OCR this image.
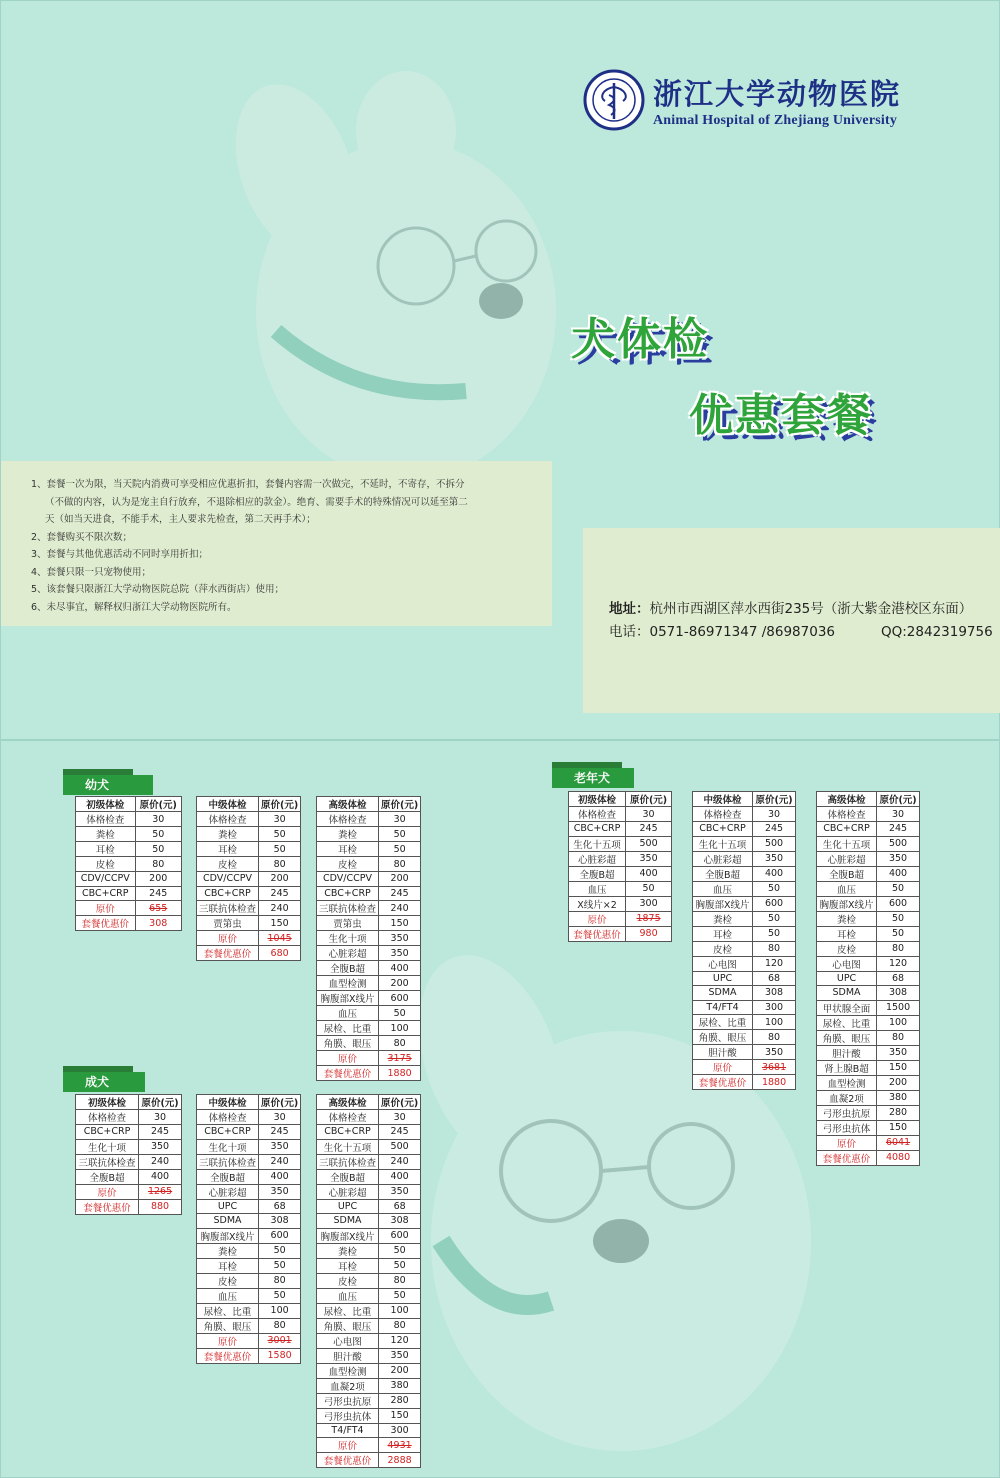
浙江大学动物医院
Animal Hospital of Zhejiang University
犬体检
优惠套餐
1、套餐一次为限，当天院内消费可享受相应优惠折扣，套餐内容需一次做完，不延时，不寄存，不拆分
（不做的内容，认为是宠主自行放弃，不退除相应的款金）。绝育、需要手术的特殊情况可以延至第二
天（如当天进食，不能手术，主人要求先检查，第二天再手术）；
2、套餐购买不限次数；
3、套餐与其他优惠活动不同时享用折扣；
4、套餐只限一只宠物使用；
5、该套餐只限浙江大学动物医院总院（萍水西街店）使用；
6、未尽事宜，解释权归浙江大学动物医院所有。	地址：杭州市西湖区萍水西街235号（浙大紫金港校区东面）
电话：0571-86971347 /86987036	QQ:2842319756
幼犬
成犬
老年犬
初级体检	原价(元)
体格检查	30
粪检	50
耳检	50
皮检	80
CDV/CCPV	200
CBC+CRP	245
原价	655
套餐优惠价	308
中级体检	原价(元)
体格检查	30
粪检	50
耳检	50
皮检	80
CDV/CCPV	200
CBC+CRP	245
三联抗体检查	240
贾第虫	150
原价	1045
套餐优惠价	680
高级体检	原价(元)
体格检查	30
粪检	50
耳检	50
皮检	80
CDV/CCPV	200
CBC+CRP	245
三联抗体检查	240
贾第虫	150
生化十项	350
心脏彩超	350
全腹B超	400
血型检测	200
胸腹部X线片	600
血压	50
尿检、比重	100
角膜、眼压	80
原价	3175
套餐优惠价	1880
初级体检	原价(元)
体格检查	30
CBC+CRP	245
生化十项	350
三联抗体检查	240
全腹B超	400
原价	1265
套餐优惠价	880
中级体检	原价(元)
体格检查	30
CBC+CRP	245
生化十项	350
三联抗体检查	240
全腹B超	400
心脏彩超	350
UPC	68
SDMA	308
胸腹部X线片	600
粪检	50
耳检	50
皮检	80
血压	50
尿检、比重	100
角膜、眼压	80
原价	3001
套餐优惠价	1580
高级体检	原价(元)
体格检查	30
CBC+CRP	245
生化十五项	500
三联抗体检查	240
全腹B超	400
心脏彩超	350
UPC	68
SDMA	308
胸腹部X线片	600
粪检	50
耳检	50
皮检	80
血压	50
尿检、比重	100
角膜、眼压	80
心电图	120
胆汁酸	350
血型检测	200
血凝2项	380
弓形虫抗原	280
弓形虫抗体	150
T4/FT4	300
原价	4931
套餐优惠价	2888
初级体检	原价(元)
体格检查	30
CBC+CRP	245
生化十五项	500
心脏彩超	350
全腹B超	400
血压	50
X线片×2	300
原价	1875
套餐优惠价	980
中级体检	原价(元)
体格检查	30
CBC+CRP	245
生化十五项	500
心脏彩超	350
全腹B超	400
血压	50
胸腹部X线片	600
粪检	50
耳检	50
皮检	80
心电图	120
UPC	68
SDMA	308
T4/FT4	300
尿检、比重	100
角膜、眼压	80
胆汁酸	350
原价	3681
套餐优惠价	1880
高级体检	原价(元)
体格检查	30
CBC+CRP	245
生化十五项	500
心脏彩超	350
全腹B超	400
血压	50
胸腹部X线片	600
粪检	50
耳检	50
皮检	80
心电图	120
UPC	68
SDMA	308
甲状腺全面	1500
尿检、比重	100
角膜、眼压	80
胆汁酸	350
肾上腺B超	150
血型检测	200
血凝2项	380
弓形虫抗原	280
弓形虫抗体	150
原价	6041
套餐优惠价	4080
